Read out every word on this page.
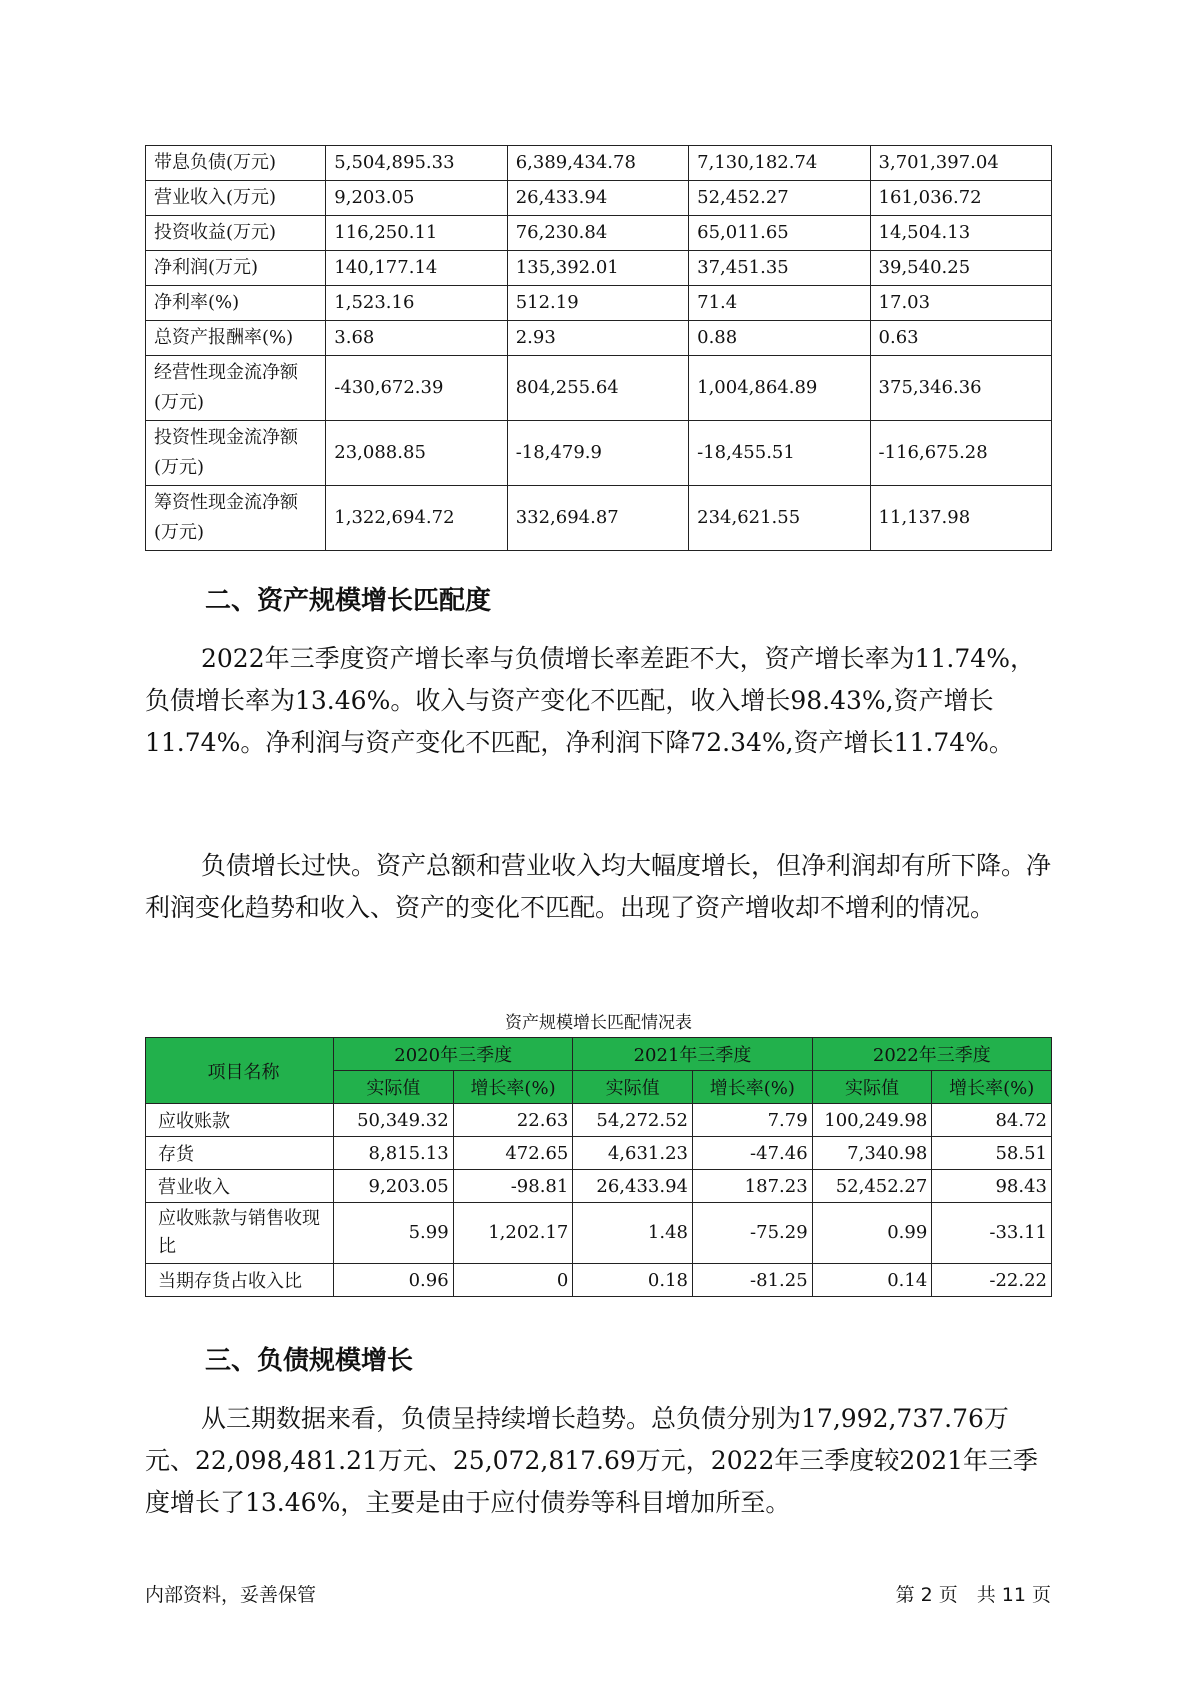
带息负债(万元)	5,504,895.33	6,389,434.78	7,130,182.74	3,701,397.04
营业收入(万元)	9,203.05	26,433.94	52,452.27	161,036.72
投资收益(万元)	116,250.11	76,230.84	65,011.65	14,504.13
净利润(万元)	140,177.14	135,392.01	37,451.35	39,540.25
净利率(%)	1,523.16	512.19	71.4	17.03
总资产报酬率(%)	3.68	2.93	0.88	0.63
经营性现金流净额(万元)	-430,672.39	804,255.64	1,004,864.89	375,346.36
投资性现金流净额(万元)	23,088.85	-18,479.9	-18,455.51	-116,675.28
筹资性现金流净额(万元)	1,322,694.72	332,694.87	234,621.55	11,137.98
二、资产规模增长匹配度

2022年三季度资产增长率与负债增长率差距不大，资产增长率为11.74%，负债增长率为13.46%。收入与资产变化不匹配，收入增长98.43%,资产增长11.74%。净利润与资产变化不匹配，净利润下降72.34%,资产增长11.74%。

负债增长过快。资产总额和营业收入均大幅度增长，但净利润却有所下降。净利润变化趋势和收入、资产的变化不匹配。出现了资产增收却不增利的情况。

资产规模增长匹配情况表
项目名称	2020年三季度		2021年三季度		2022年三季度	
	实际值	增长率(%)	实际值	增长率(%)	实际值	增长率(%)
应收账款	50,349.32	22.63	54,272.52	7.79	100,249.98	84.72
存货	8,815.13	472.65	4,631.23	-47.46	7,340.98	58.51
营业收入	9,203.05	-98.81	26,433.94	187.23	52,452.27	98.43
应收账款与销售收现比	5.99	1,202.17	1.48	-75.29	0.99	-33.11
当期存货占收入比	0.96	0	0.18	-81.25	0.14	-22.22
三、负债规模增长

从三期数据来看，负债呈持续增长趋势。总负债分别为17,992,737.76万元、22,098,481.21万元、25,072,817.69万元，2022年三季度较2021年三季度增长了13.46%，主要是由于应付债券等科目增加所至。

内部资料，妥善保管	第 2 页　共 11 页
